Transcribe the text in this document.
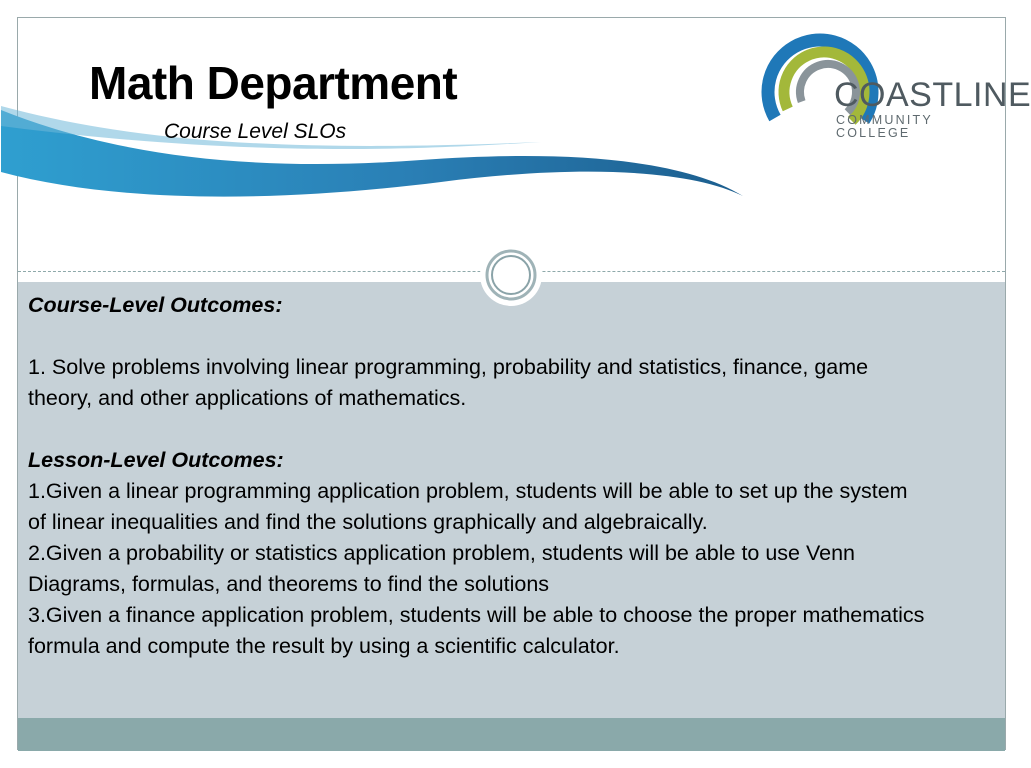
Math Department

Course Level SLOs

COASTLINE

COMMUNITY COLLEGE

Course-Level Outcomes:

1. Solve problems involving linear programming, probability and statistics, finance, game theory, and other applications of mathematics.

Lesson-Level Outcomes:

1.Given a linear programming application problem, students will be able to set up the system of linear inequalities and find the solutions graphically and algebraically.

2.Given a probability or statistics application problem, students will be able to use Venn Diagrams, formulas, and theorems to find the solutions

3.Given a finance application problem, students will be able to choose the proper mathematics formula and compute the result by using a scientific calculator.
